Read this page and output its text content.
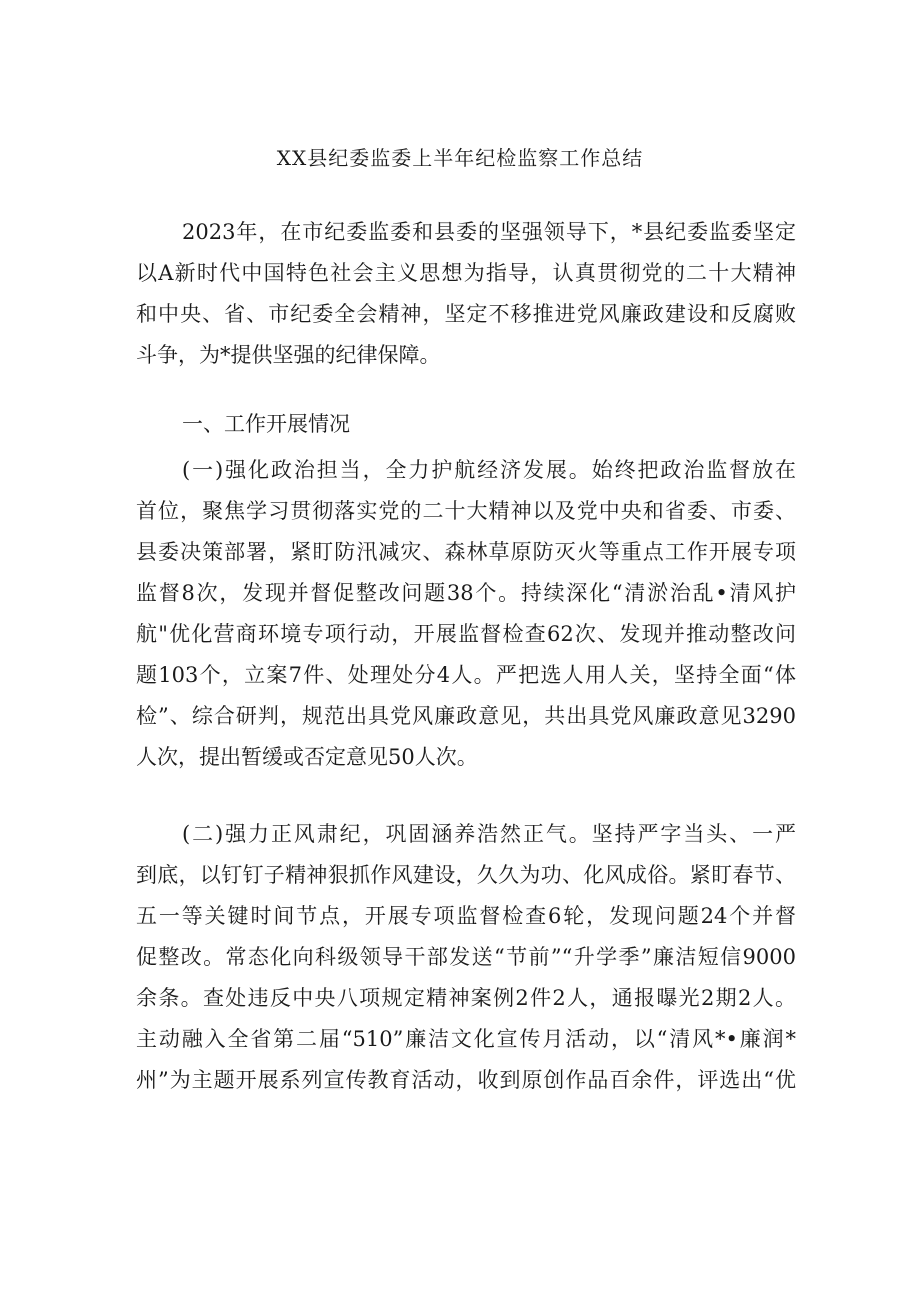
XX县纪委监委上半年纪检监察工作总结
2023年，在市纪委监委和县委的坚强领导下，*县纪委监委坚定
以A新时代中国特色社会主义思想为指导，认真贯彻党的二十大精神
和中央、省、市纪委全会精神，坚定不移推进党风廉政建设和反腐败
斗争，为*提供坚强的纪律保障。
一、工作开展情况
(一)强化政治担当，全力护航经济发展。始终把政治监督放在
首位，聚焦学习贯彻落实党的二十大精神以及党中央和省委、市委、
县委决策部署，紧盯防汛减灾、森林草原防灭火等重点工作开展专项
监督8次，发现并督促整改问题38个。持续深化“清淤治乱•清风护
航"优化营商环境专项行动，开展监督检查62次、发现并推动整改问
题103个，立案7件、处理处分4人。严把选人用人关，坚持全面“体
检”、综合研判，规范出具党风廉政意见，共出具党风廉政意见3290
人次，提出暂缓或否定意见50人次。
(二)强力正风肃纪，巩固涵养浩然正气。坚持严字当头、一严
到底，以钉钉子精神狠抓作风建设，久久为功、化风成俗。紧盯春节、
五一等关键时间节点，开展专项监督检查6轮，发现问题24个并督
促整改。常态化向科级领导干部发送“节前”“升学季”廉洁短信9000
余条。查处违反中央八项规定精神案例2件2人，通报曝光2期2人。
主动融入全省第二届“510”廉洁文化宣传月活动，以“清风*•廉润*
州”为主题开展系列宣传教育活动，收到原创作品百余件，评选出“优
